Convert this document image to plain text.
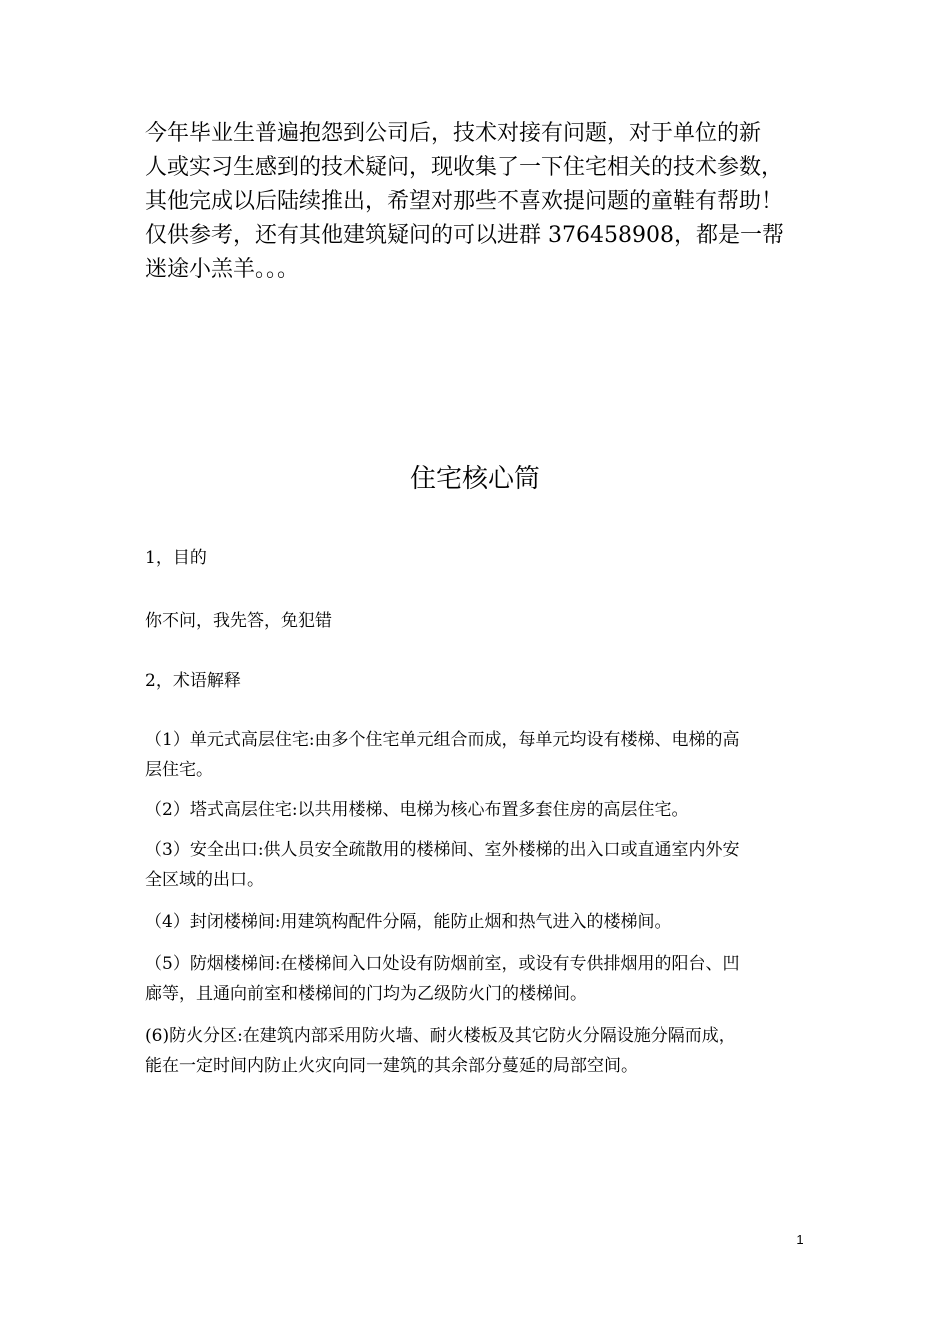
今年毕业生普遍抱怨到公司后，技术对接有问题，对于单位的新
人或实习生感到的技术疑问，现收集了一下住宅相关的技术参数，
其他完成以后陆续推出，希望对那些不喜欢提问题的童鞋有帮助！
仅供参考，还有其他建筑疑问的可以进群 376458908，都是一帮
迷途小羔羊。。。

住宅核心筒

1，目的

你不问，我先答，免犯错

2，术语解释

（1）单元式高层住宅:由多个住宅单元组合而成，每单元均设有楼梯、电梯的高
层住宅。
（2）塔式高层住宅:以共用楼梯、电梯为核心布置多套住房的高层住宅。
（3）安全出口:供人员安全疏散用的楼梯间、室外楼梯的出入口或直通室内外安
全区域的出口。
（4）封闭楼梯间:用建筑构配件分隔，能防止烟和热气进入的楼梯间。
（5）防烟楼梯间:在楼梯间入口处设有防烟前室，或设有专供排烟用的阳台、凹
廊等，且通向前室和楼梯间的门均为乙级防火门的楼梯间。
(6)防火分区:在建筑内部采用防火墙、耐火楼板及其它防火分隔设施分隔而成，
能在一定时间内防止火灾向同一建筑的其余部分蔓延的局部空间。
1
